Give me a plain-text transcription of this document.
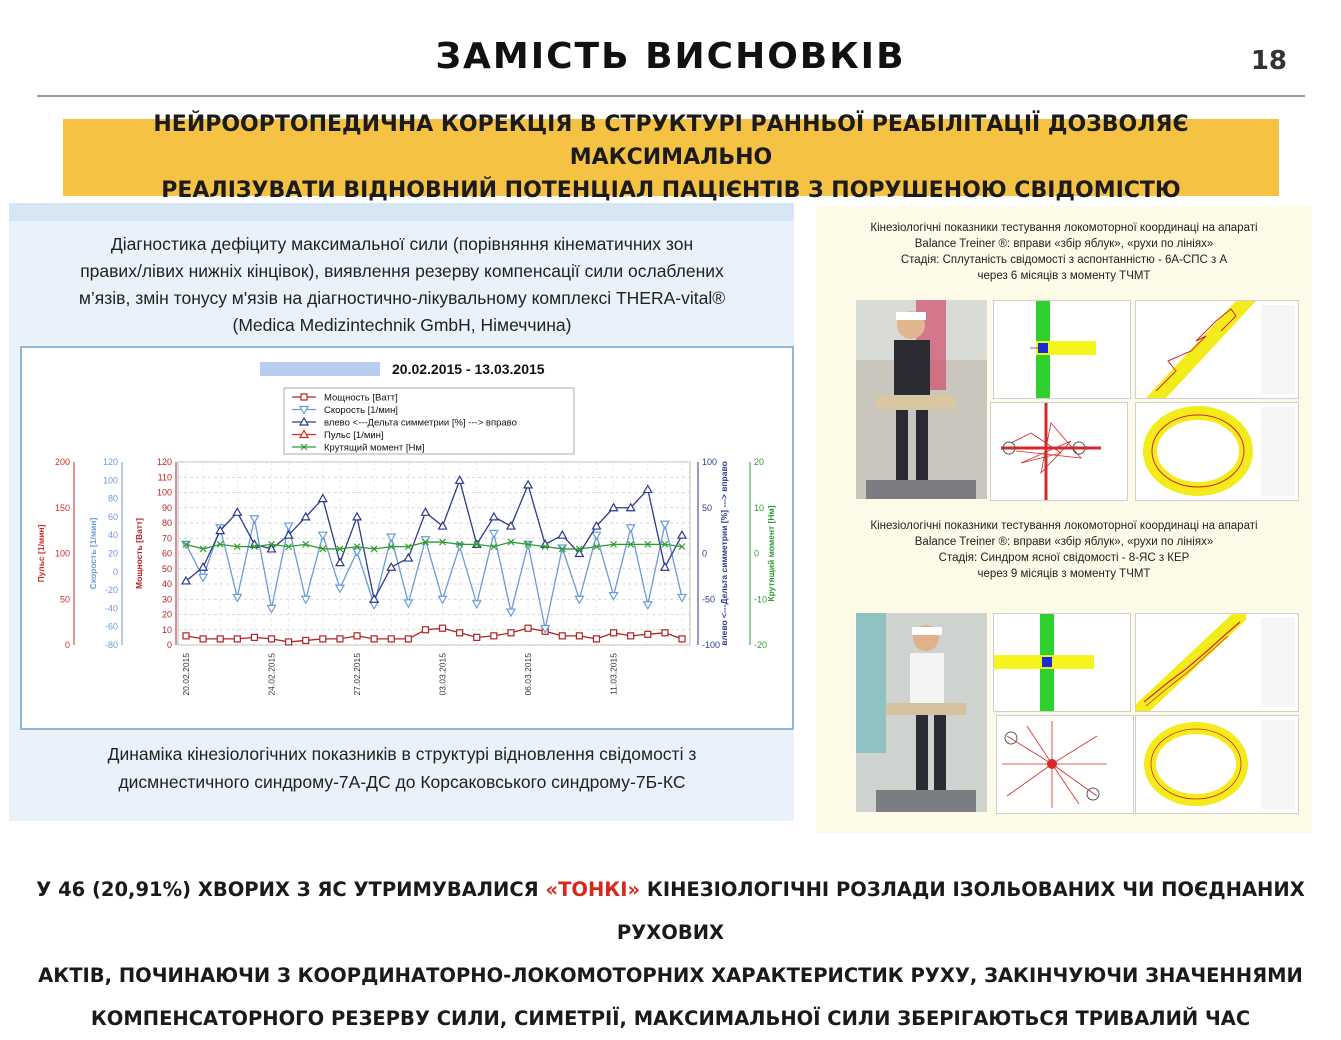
ЗАМІСТЬ ВИСНОВКІВ	18
НЕЙРООРТОПЕДИЧНА КОРЕКЦІЯ В СТРУКТУРІ РАННЬОЇ РЕАБІЛІТАЦІЇ ДОЗВОЛЯЄ МАКСИМАЛЬНО
РЕАЛІЗУВАТИ ВІДНОВНИЙ ПОТЕНЦІАЛ ПАЦІЄНТІВ З ПОРУШЕНОЮ СВІДОМІСТЮ
Діагностика дефіциту максимальної сили (порівняння кінематичних зон
правих/лівих нижніх кінцівок), виявлення резерву компенсації сили ослаблених
м’язів, змін тонусу м'язів на діагностично-лікувальному комплексі THERA-vital®
(Medica Medizintechnik GmbH, Німеччина)
20.02.2015 - 13.03.2015
Мощность [Ватт]
Скорость [1/мин]
влево <---Дельта симметрии [%] ---> вправо
Пульс [1/мин]
Крутящий момент [Нм]
0
50
100
150
200
Пульс [1/мин]
-80
-60
-40
-20
0
20
40
60
80
100
120
Скорость [1/мин]
0
10
20
30
40
50
60
70
80
90
100
110
120
Мощность [Ватт]
-100
-50
0
50
100 влево <---Дельта симметрии [%] ---> вправо	-20
-10
0
10
20
Крутящий момент [Нм]
20.02.2015	24.02.2015	27.02.2015	03.03.2015	06.03.2015	11.03.2015
Динаміка кінезіологічних показників в структурі відновлення свідомості з
дисмнестичного синдрому-7А-ДС до Корсаковського синдрому-7Б-КС
Кінезіологічні показники тестування локомоторної координаці на апараті
Balance Treiner ®: вправи «збір яблук», «рухи по лініях»
Стадія: Сплутаність свідомості з аспонтанністю - 6А-СПС з А
через 6 місяців з моменту ТЧМТ
Кінезіологічні показники тестування локомоторної координаці на апараті
Balance Treiner ®: вправи «збір яблук», «рухи по лініях»
Стадія: Синдром ясної свідомості - 8-ЯС з КЕР
через 9 місяців з моменту ТЧМТ
У 46 (20,91%) ХВОРИХ З ЯС УТРИМУВАЛИСЯ «ТОНКІ» КІНЕЗІОЛОГІЧНІ РОЗЛАДИ ІЗОЛЬОВАНИХ ЧИ ПОЄДНАНИХ РУХОВИХ
АКТІВ, ПОЧИНАЮЧИ З КООРДИНАТОРНО-ЛОКОМОТОРНИХ ХАРАКТЕРИСТИК РУХУ, ЗАКІНЧУЮЧИ ЗНАЧЕННЯМИ
КОМПЕНСАТОРНОГО РЕЗЕРВУ СИЛИ, СИМЕТРІЇ, МАКСИМАЛЬНОЇ СИЛИ ЗБЕРІГАЮТЬСЯ ТРИВАЛИЙ ЧАС
